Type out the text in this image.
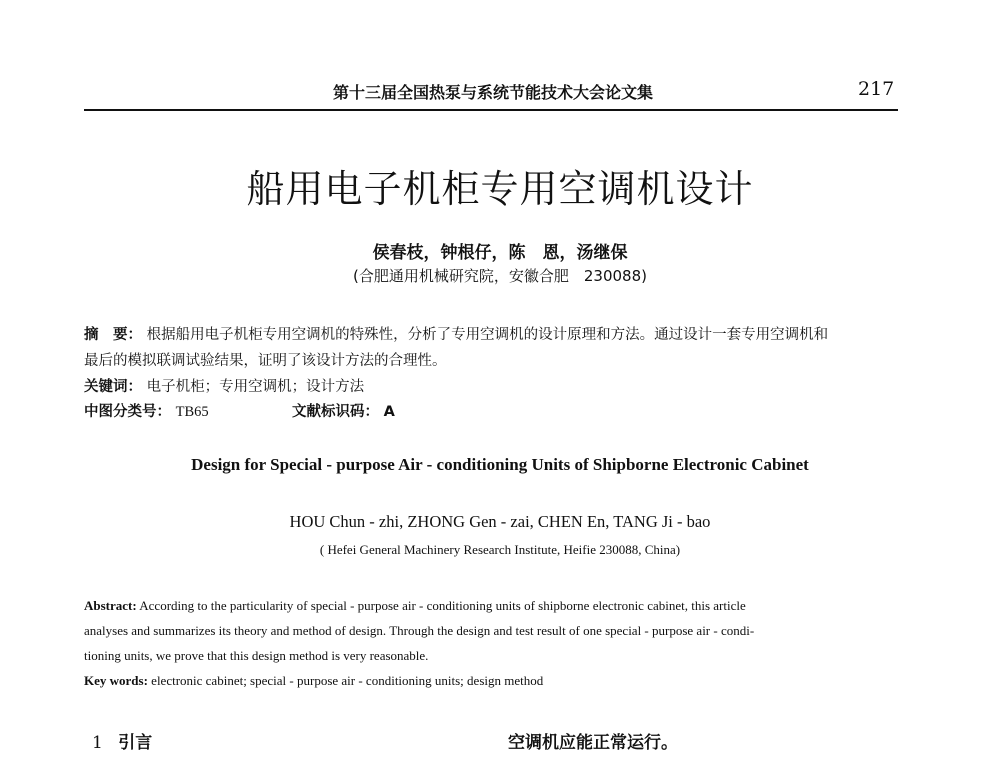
第十三届全国热泵与系统节能技术大会论文集	217
船用电子机柜专用空调机设计
侯春枝，钟根仔，陈　恩，汤继保
(合肥通用机械研究院，安徽合肥　230088)
摘　要： 根据船用电子机柜专用空调机的特殊性，分析了专用空调机的设计原理和方法。通过设计一套专用空调机和
最后的模拟联调试验结果，证明了该设计方法的合理性。
关键词： 电子机柜；专用空调机；设计方法
中图分类号： TB65	文献标识码： A
Design for Special - purpose Air - conditioning Units of Shipborne Electronic Cabinet
HOU Chun - zhi, ZHONG Gen - zai, CHEN En, TANG Ji - bao
( Hefei General Machinery Research Institute, Heifie 230088, China)
Abstract: According to the particularity of special - purpose air - conditioning units of shipborne electronic cabinet, this article
analyses and summarizes its theory and method of design. Through the design and test result of one special - purpose air - condi-
tioning units, we prove that this design method is very reasonable.
Key words: electronic cabinet; special - purpose air - conditioning units; design method
1 引言	空调机应能正常运行。
